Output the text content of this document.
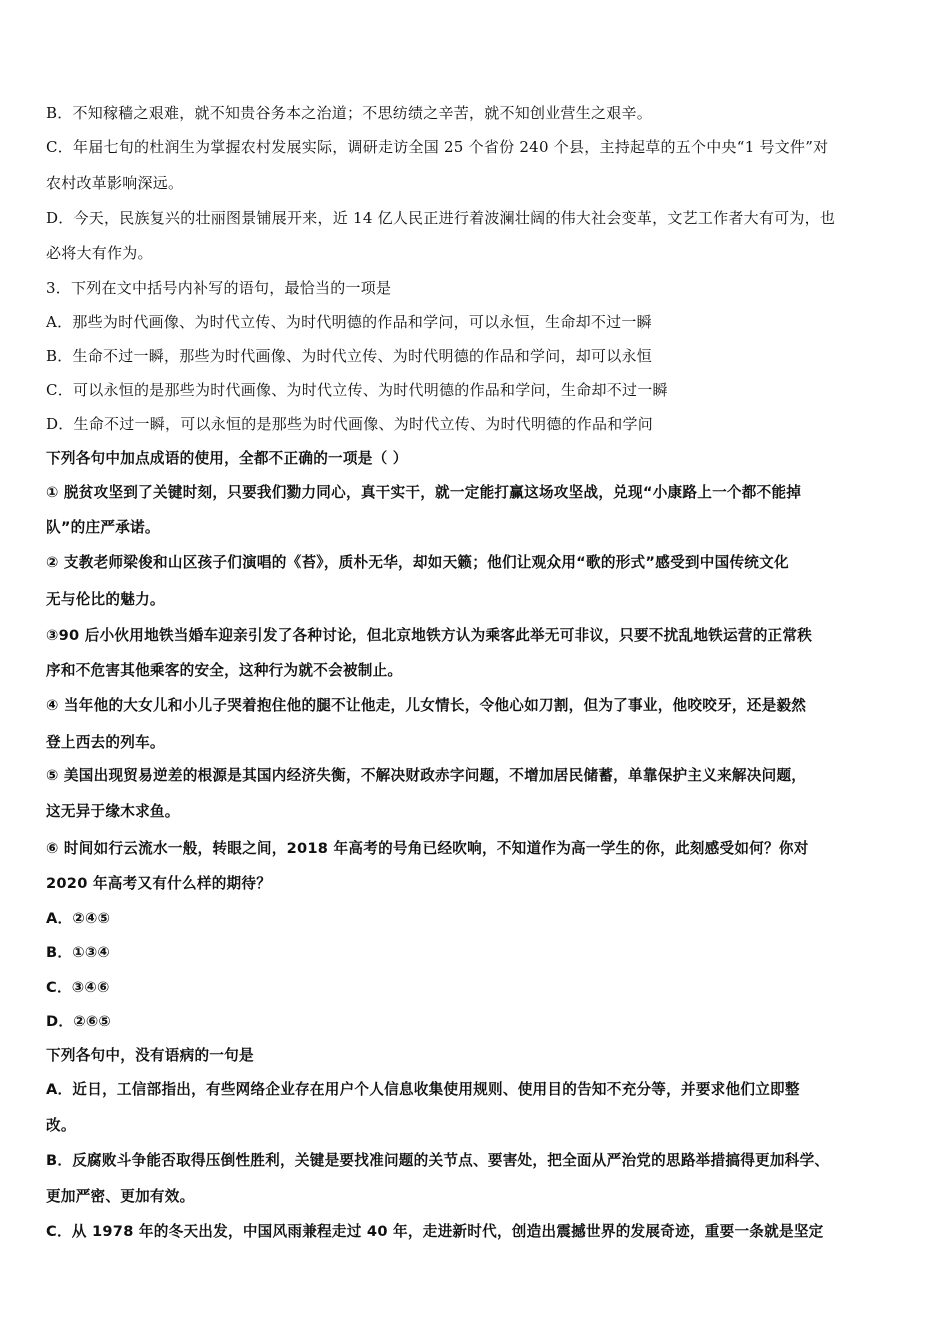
B．不知稼穑之艰难，就不知贵谷务本之治道；不思纺绩之辛苦，就不知创业营生之艰辛。

C．年届七旬的杜润生为掌握农村发展实际，调研走访全国 25 个省份 240 个县，主持起草的五个中央“1 号文件”对

农村改革影响深远。

D．今天，民族复兴的壮丽图景铺展开来，近 14 亿人民正进行着波澜壮阔的伟大社会变革，文艺工作者大有可为，也

必将大有作为。

3．下列在文中括号内补写的语句，最恰当的一项是

A．那些为时代画像、为时代立传、为时代明德的作品和学问，可以永恒，生命却不过一瞬

B．生命不过一瞬，那些为时代画像、为时代立传、为时代明德的作品和学问，却可以永恒

C．可以永恒的是那些为时代画像、为时代立传、为时代明德的作品和学问，生命却不过一瞬

D．生命不过一瞬，可以永恒的是那些为时代画像、为时代立传、为时代明德的作品和学问

下列各句中加点成语的使用，全都不正确的一项是（ ）

① 脱贫攻坚到了关键时刻，只要我们勠力同心，真干实干，就一定能打赢这场攻坚战，兑现“小康路上一个都不能掉

队”的庄严承诺。

② 支教老师梁俊和山区孩子们演唱的《苔》，质朴无华，却如天籁；他们让观众用“歌的形式”感受到中国传统文化

无与伦比的魅力。

③90 后小伙用地铁当婚车迎亲引发了各种讨论，但北京地铁方认为乘客此举无可非议，只要不扰乱地铁运营的正常秩

序和不危害其他乘客的安全，这种行为就不会被制止。

④ 当年他的大女儿和小儿子哭着抱住他的腿不让他走，儿女情长，令他心如刀割，但为了事业，他咬咬牙，还是毅然

登上西去的列车。

⑤ 美国出现贸易逆差的根源是其国内经济失衡，不解决财政赤字问题，不增加居民储蓄，单靠保护主义来解决问题，

这无异于缘木求鱼。

⑥ 时间如行云流水一般，转眼之间，2018 年高考的号角已经吹响，不知道作为高一学生的你，此刻感受如何？你对

2020 年高考又有什么样的期待？

A．②④⑤

B．①③④

C．③④⑥

D．②⑥⑤

下列各句中，没有语病的一句是

A．近日，工信部指出，有些网络企业存在用户个人信息收集使用规则、使用目的告知不充分等，并要求他们立即整

改。

B．反腐败斗争能否取得压倒性胜利，关键是要找准问题的关节点、要害处，把全面从严治党的思路举措搞得更加科学、

更加严密、更加有效。

C．从 1978 年的冬天出发，中国风雨兼程走过 40 年，走进新时代，创造出震撼世界的发展奇迹，重要一条就是坚定
